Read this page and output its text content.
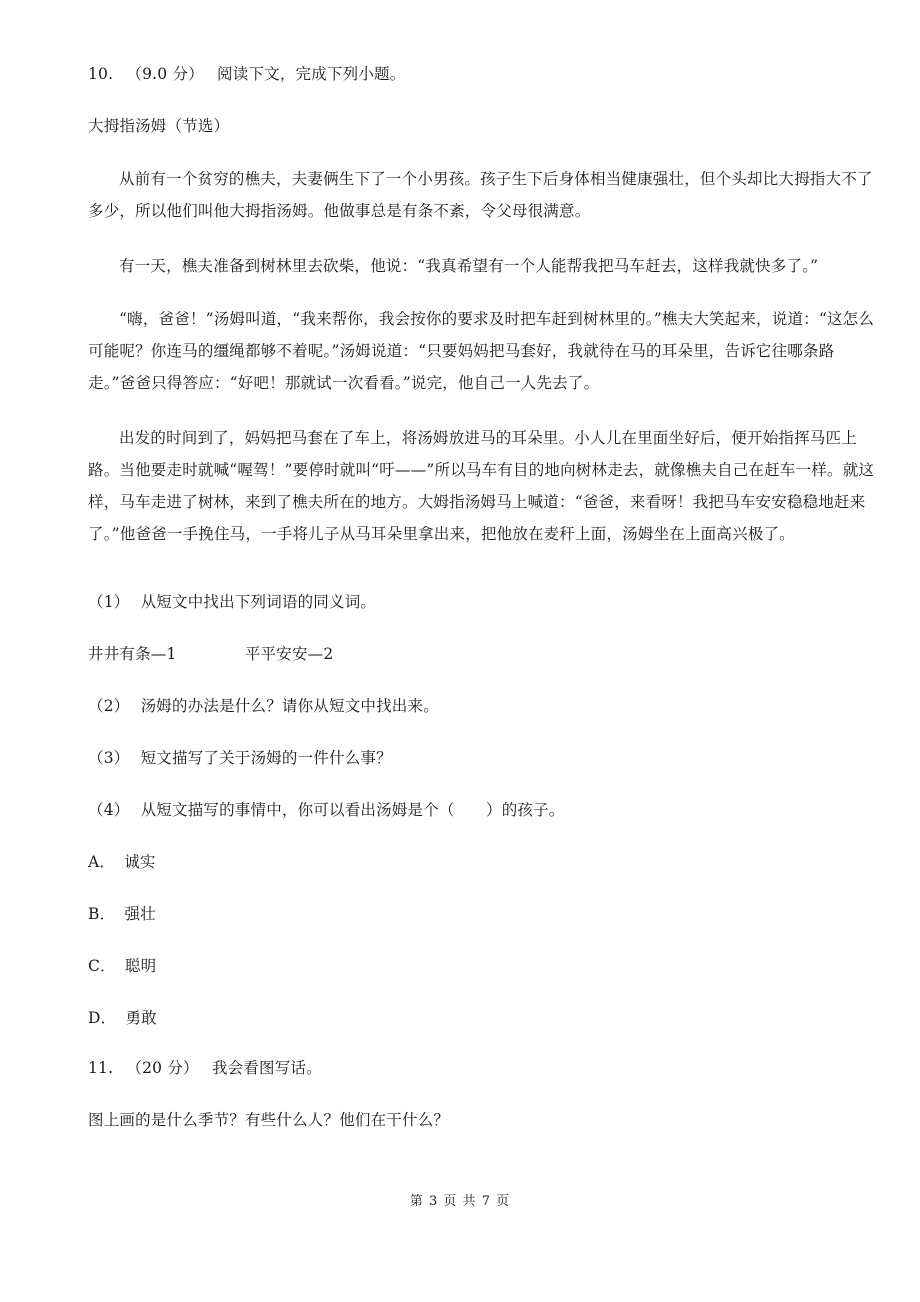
10. （9.0 分） 阅读下文，完成下列小题。
大拇指汤姆（节选）
从前有一个贫穷的樵夫，夫妻俩生下了一个小男孩。孩子生下后身体相当健康强壮，但个头却比大拇指大不了多少，所以他们叫他大拇指汤姆。他做事总是有条不紊，令父母很满意。
有一天，樵夫准备到树林里去砍柴，他说：“我真希望有一个人能帮我把马车赶去，这样我就快多了。”
“嗨，爸爸！”汤姆叫道，“我来帮你，我会按你的要求及时把车赶到树林里的。”樵夫大笑起来，说道：“这怎么可能呢？你连马的缰绳都够不着呢。”汤姆说道：“只要妈妈把马套好，我就待在马的耳朵里，告诉它往哪条路走。”爸爸只得答应：“好吧！那就试一次看看。”说完，他自己一人先去了。
出发的时间到了，妈妈把马套在了车上，将汤姆放进马的耳朵里。小人儿在里面坐好后，便开始指挥马匹上路。当他要走时就喊“喔驾！”要停时就叫“吁——”所以马车有目的地向树林走去，就像樵夫自己在赶车一样。就这样，马车走进了树林，来到了樵夫所在的地方。大姆指汤姆马上喊道：“爸爸，来看呀！我把马车安安稳稳地赶来了。”他爸爸一手挽住马，一手将儿子从马耳朵里拿出来，把他放在麦秆上面，汤姆坐在上面高兴极了。
（1） 从短文中找出下列词语的同义词。
井井有条—1	平平安安—2
（2） 汤姆的办法是什么？请你从短文中找出来。
（3） 短文描写了关于汤姆的一件什么事？
（4） 从短文描写的事情中，你可以看出汤姆是个（　　）的孩子。
A． 诚实
B． 强壮
C． 聪明
D． 勇敢
11. （20 分） 我会看图写话。
图上画的是什么季节？有些什么人？他们在干什么？
第 3 页 共 7 页
